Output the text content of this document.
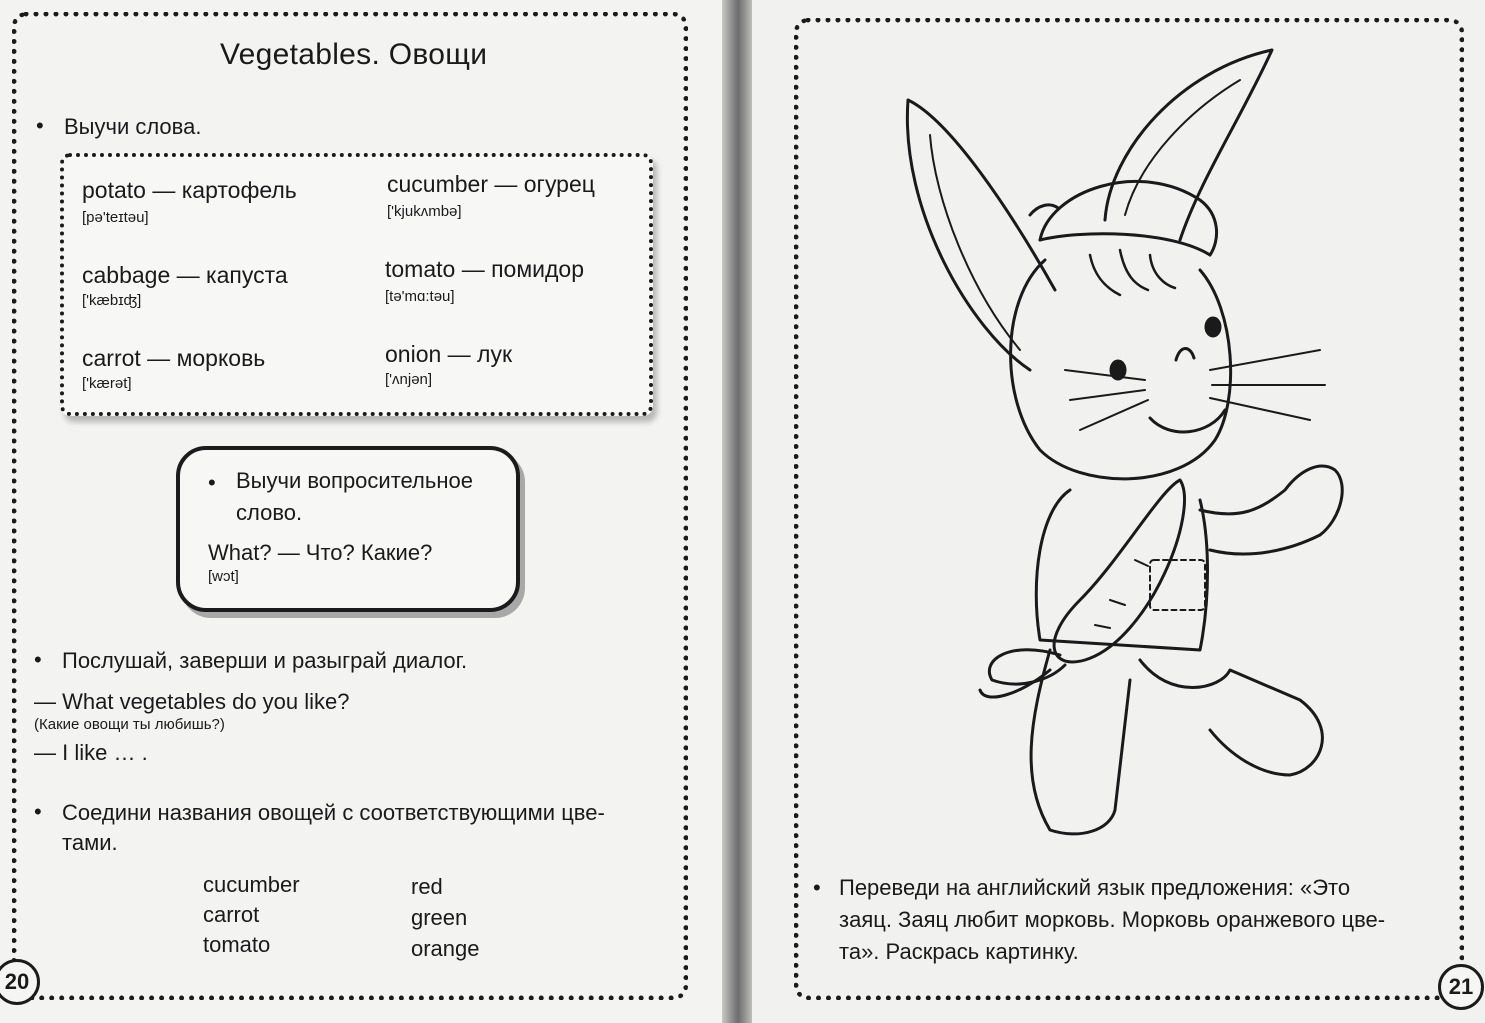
Vegetables. Овощи
• Выучи слова.
potato — картофель
[pə'teɪtəu]
cucumber — огурец
['kjukʌmbə]
cabbage — капуста
['kæbɪʤ]
tomato — помидор
[tə'mɑ:təu]
carrot — морковь
['kærət]
onion — лук
['ʌnjən]
Выучи вопросительное
•
слово.
What? — Что? Какие?
[wɔt]
• Послушай, заверши и разыграй диалог.
— What vegetables do you like?
(Какие овощи ты любишь?)
— I like … .
• Соедини названия овощей с соответствующими цве-
тами.
cucumber
carrot
tomato
red
green
orange
• Переведи на английский язык предложения: «Это
заяц. Заяц любит морковь. Морковь оранжевого цве-
та». Раскрась картинку.
20	21
